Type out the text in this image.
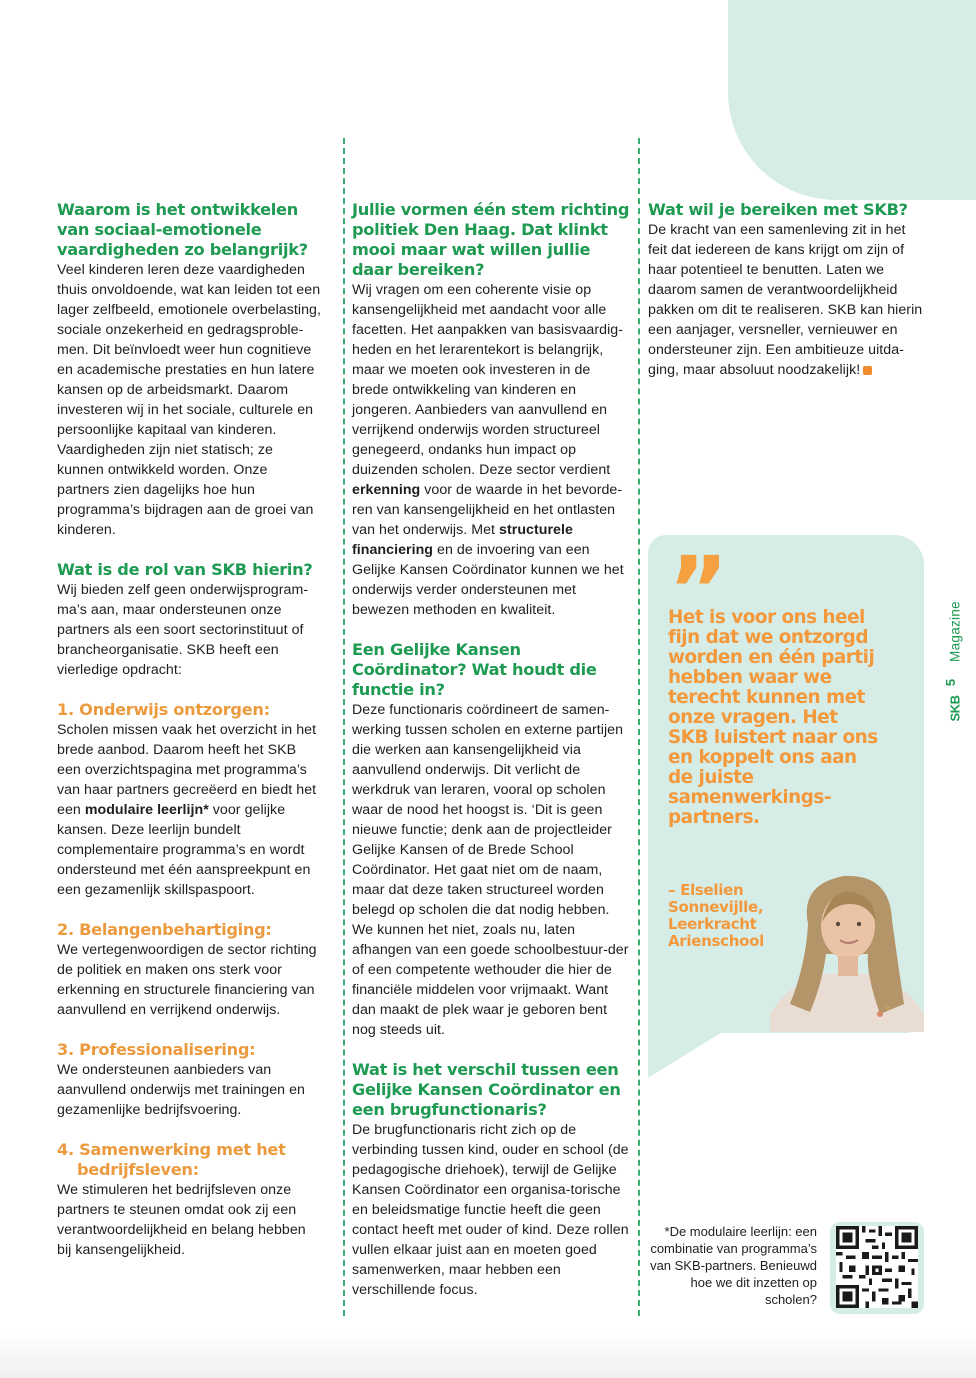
Waarom is het ontwikkelen van sociaal-emotionele vaardigheden zo belangrijk?

Veel kinderen leren deze vaardigheden thuis onvoldoende, wat kan leiden tot een lager zelfbeeld, emotionele overbelasting, sociale onzekerheid en gedragsproble-men. Dit beïnvloedt weer hun cognitieve en academische prestaties en hun latere kansen op de arbeidsmarkt. Daarom investeren wij in het sociale, culturele en persoonlijke kapitaal van kinderen. Vaardigheden zijn niet statisch; ze kunnen ontwikkeld worden. Onze partners zien dagelijks hoe hun programma’s bijdragen aan de groei van kinderen.

Wat is de rol van SKB hierin?

Wij bieden zelf geen onderwijsprogram-ma’s aan, maar ondersteunen onze partners als een soort sectorinstituut of brancheorganisatie. SKB heeft een vierledige opdracht:

1. Onderwijs ontzorgen:

Scholen missen vaak het overzicht in het brede aanbod. Daarom heeft het SKB een overzichtspagina met programma’s van haar partners gecreëerd en biedt het een modulaire leerlijn* voor gelijke kansen. Deze leerlijn bundelt complementaire programma’s en wordt ondersteund met één aanspreekpunt en een gezamenlijk skillspaspoort.

2. Belangenbehartiging:

We vertegenwoordigen de sector richting de politiek en maken ons sterk voor erkenning en structurele financiering van aanvullend en verrijkend onderwijs.

3. Professionalisering:

We ondersteunen aanbieders van aanvullend onderwijs met trainingen en gezamenlijke bedrijfsvoering.

4. Samenwerking met het bedrijfsleven:

We stimuleren het bedrijfsleven onze partners te steunen omdat ook zij een verantwoordelijkheid en belang hebben bij kansengelijkheid.

Jullie vormen één stem richting politiek Den Haag. Dat klinkt mooi maar wat willen jullie daar bereiken?

Wij vragen om een coherente visie op kansengelijkheid met aandacht voor alle facetten. Het aanpakken van basisvaardig-heden en het lerarentekort is belangrijk, maar we moeten ook investeren in de brede ontwikkeling van kinderen en jongeren. Aanbieders van aanvullend en verrijkend onderwijs worden structureel genegeerd, ondanks hun impact op duizenden scholen. Deze sector verdient erkenning voor de waarde in het bevorde-ren van kansengelijkheid en het ontlasten van het onderwijs. Met structurele financiering en de invoering van een Gelijke Kansen Coördinator kunnen we het onderwijs verder ondersteunen met bewezen methoden en kwaliteit.

Een Gelijke Kansen Coördinator? Wat houdt die functie in?

Deze functionaris coördineert de samen-werking tussen scholen en externe partijen die werken aan kansengelijkheid via aanvullend onderwijs. Dit verlicht de werkdruk van leraren, vooral op scholen waar de nood het hoogst is. ‘Dit is geen nieuwe functie; denk aan de projectleider Gelijke Kansen of de Brede School Coördinator. Het gaat niet om de naam, maar dat deze taken structureel worden belegd op scholen die dat nodig hebben. We kunnen het niet, zoals nu, laten afhangen van een goede schoolbestuur-der of een competente wethouder die hier de financiële middelen voor vrijmaakt. Want dan maakt de plek waar je geboren bent nog steeds uit.

Wat is het verschil tussen een Gelijke Kansen Coördinator en een brugfunctionaris?

De brugfunctionaris richt zich op de verbinding tussen kind, ouder en school (de pedagogische driehoek), terwijl de Gelijke Kansen Coördinator een organisa-torische en beleidsmatige functie heeft die geen contact heeft met ouder of kind. Deze rollen vullen elkaar juist aan en moeten goed samenwerken, maar hebben een verschillende focus.

Wat wil je bereiken met SKB?

De kracht van een samenleving zit in het feit dat iedereen de kans krijgt om zijn of haar potentieel te benutten. Laten we daarom samen de verantwoordelijkheid pakken om dit te realiseren. SKB kan hierin een aanjager, versneller, vernieuwer en ondersteuner zijn. Een ambitieuze uitda-ging, maar absoluut noodzakelijk!

”
Het is voor ons heel fijn dat we ontzorgd worden en één partij hebben waar we terecht kunnen met onze vragen. Het SKB luistert naar ons en koppelt ons aan de juiste samenwerkings-partners.
– Elselien Sonnevijlle, Leerkracht Arienschool
Magazine
5
SKB
*De modulaire leerlijn: een combinatie van programma’s van SKB-partners. Benieuwd hoe we dit inzetten op scholen?
